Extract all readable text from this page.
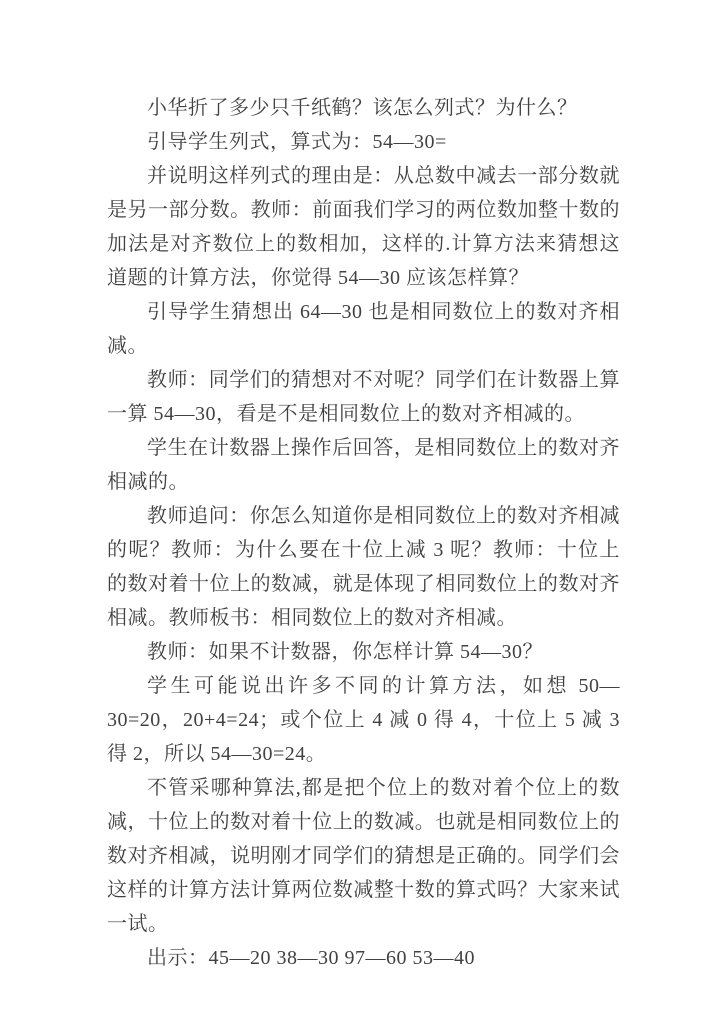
小华折了多少只千纸鹤？该怎么列式？为什么？

引导学生列式，算式为：54—30=

并说明这样列式的理由是：从总数中减去一部分数就是另一部分数。教师：前面我们学习的两位数加整十数的加法是对齐数位上的数相加，这样的.计算方法来猜想这道题的计算方法，你觉得 54—30 应该怎样算？

引导学生猜想出 64—30 也是相同数位上的数对齐相减。

教师：同学们的猜想对不对呢？同学们在计数器上算一算 54—30，看是不是相同数位上的数对齐相减的。

学生在计数器上操作后回答，是相同数位上的数对齐相减的。

教师追问：你怎么知道你是相同数位上的数对齐相减的呢？教师：为什么要在十位上减 3 呢？教师：十位上的数对着十位上的数减，就是体现了相同数位上的数对齐相减。教师板书：相同数位上的数对齐相减。

教师：如果不计数器，你怎样计算 54—30？

学生可能说出许多不同的计算方法，如想 50—30=20，20+4=24；或个位上 4 减 0 得 4，十位上 5 减 3 得 2，所以 54—30=24。

不管采哪种算法,都是把个位上的数对着个位上的数减，十位上的数对着十位上的数减。也就是相同数位上的数对齐相减，说明刚才同学们的猜想是正确的。同学们会这样的计算方法计算两位数减整十数的算式吗？大家来试一试。

出示：45—20 38—30 97—60 53—40
